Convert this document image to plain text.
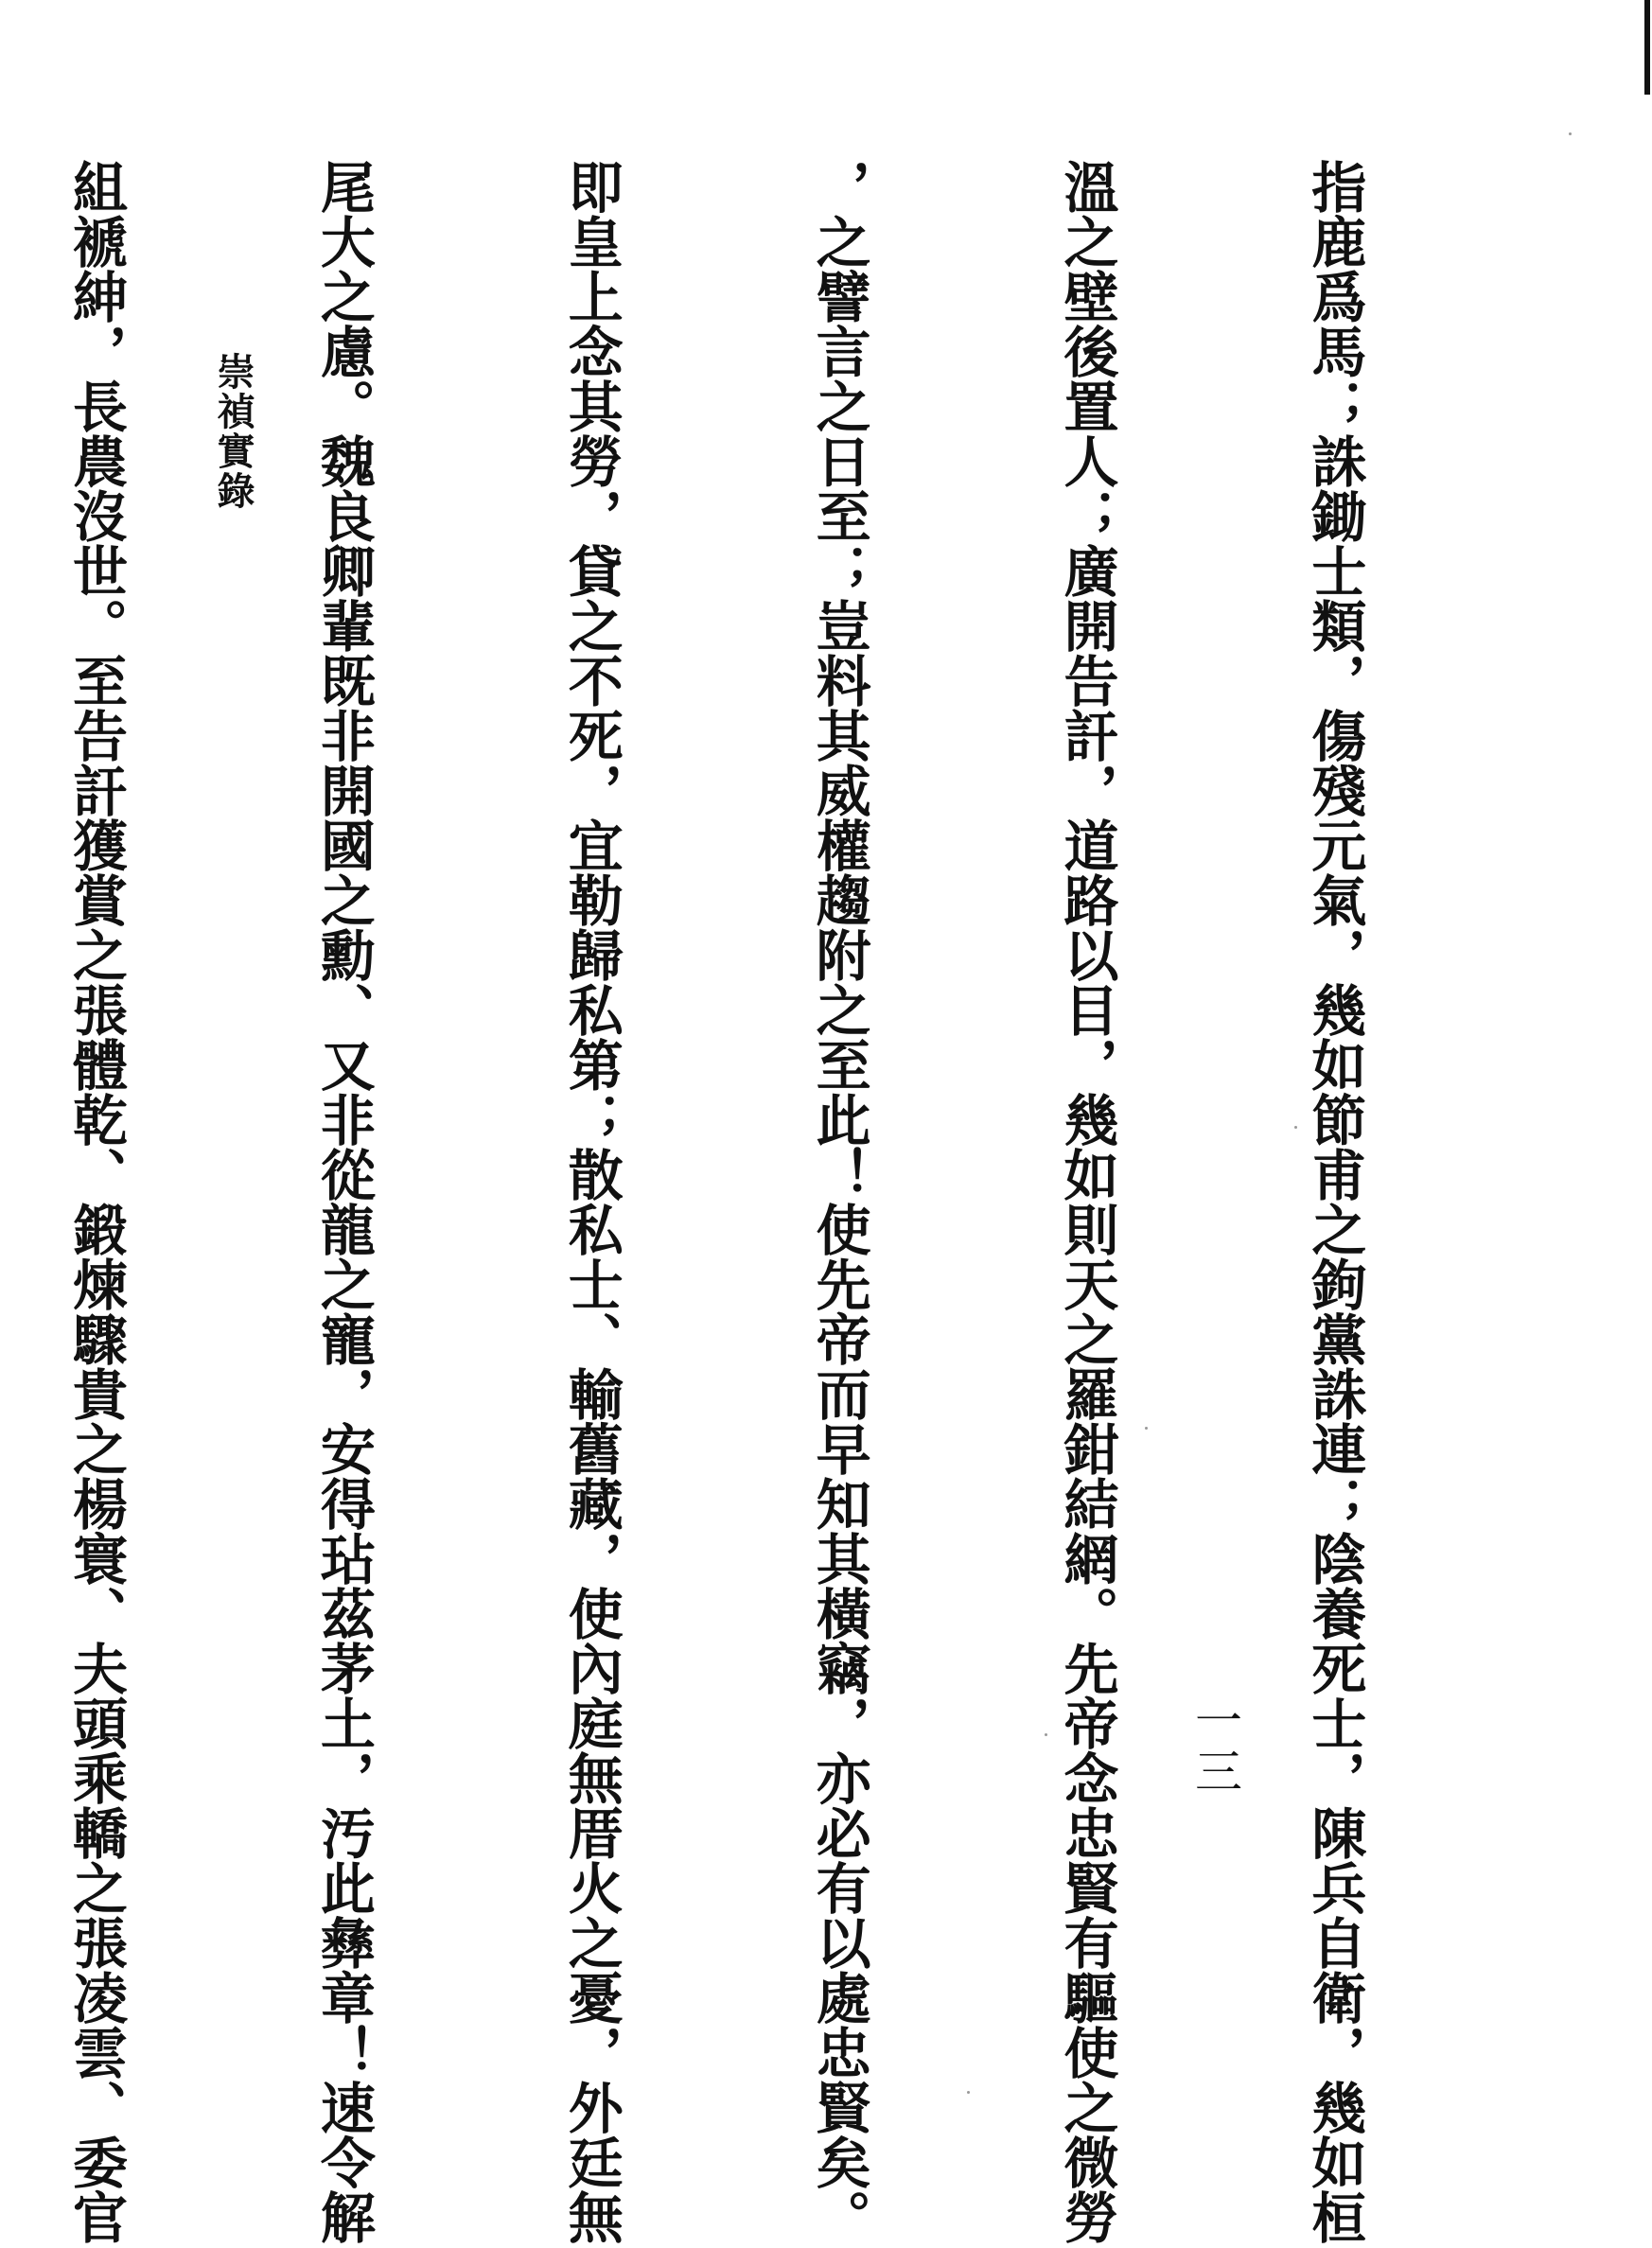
指鹿爲馬；誅鋤士類，傷殘元氣，幾如節甫之鉤黨誅連；陰養死士，陳兵自衛，幾如桓

溫之壁後置人；廣開告訐，道路以目，幾如則天之羅鉗結網。先帝念忠賢有驅使之微勞

，之譬言之日至；豈料其威權趨附之至此！使先帝而早知其橫竊，亦必有以處忠賢矣。

即皇上念其勞，貸之不死，宜勒歸私第；散私士、輸舊藏，使內庭無厝火之憂，外廷無

尾大之慮。魏良卿輩既非開國之勳、又非從龍之寵，安得玷茲茅土，汚此彝章！速令解

組褫紳，長農沒世。至告訐獲賞之張體乾、鍛煉驟貴之楊寰、夫頭乘轎之張凌雲、委官

崇禎實錄
一三
